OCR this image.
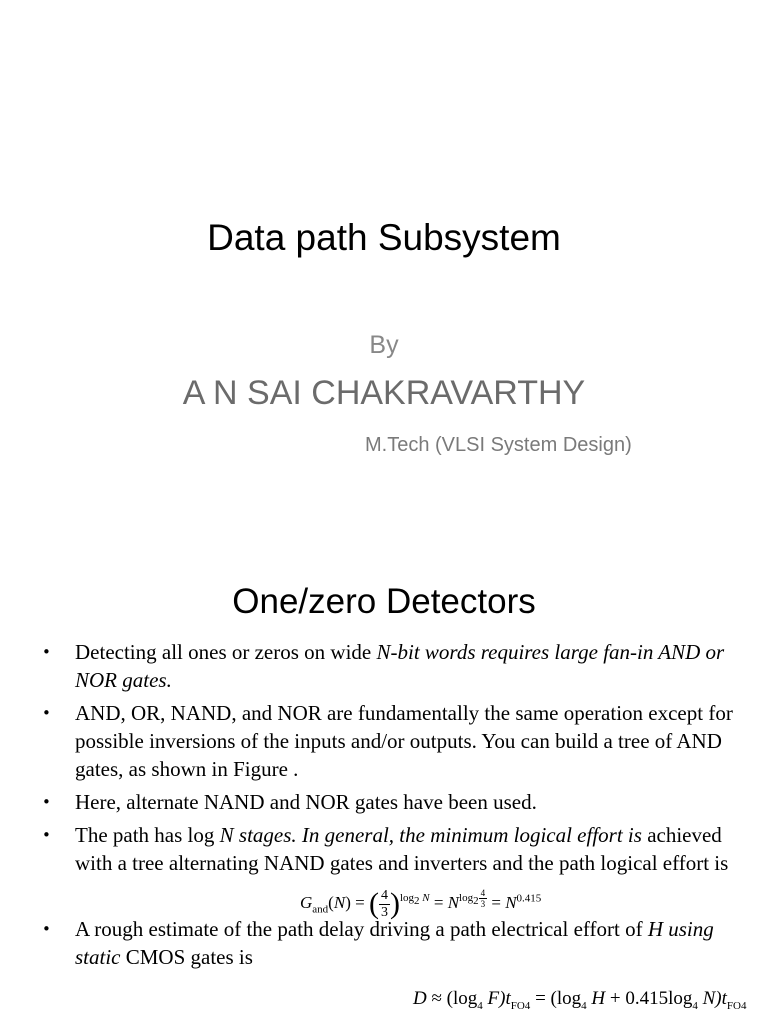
Data path Subsystem
By
A N SAI CHAKRAVARTHY
M.Tech (VLSI System Design)
One/zero Detectors
• Detecting all ones or zeros on wide N-bit words requires large fan-in AND or NOR gates.
• AND, OR, NAND, and NOR are fundamentally the same operation except for possible inversions of the inputs and/or outputs. You can build a tree of AND gates, as shown in Figure .
• Here, alternate NAND and NOR gates have been used.
• The path has log N stages. In general, the minimum logical effort is achieved with a tree alternating NAND gates and inverters and the path logical effort is
• A rough estimate of the path delay driving a path electrical effort of H using static CMOS gates is
$G_{and}(N)$ = ( $\frac{4}{3} )^{log_2 N} = N^{log_2 \frac{4}{3}} = N^{0.415}$
$D \approx (\log_4$ $F)t_{FO4} = (\log_4$ $H + 0.415\log_4$ $N)t_{FO4}$
